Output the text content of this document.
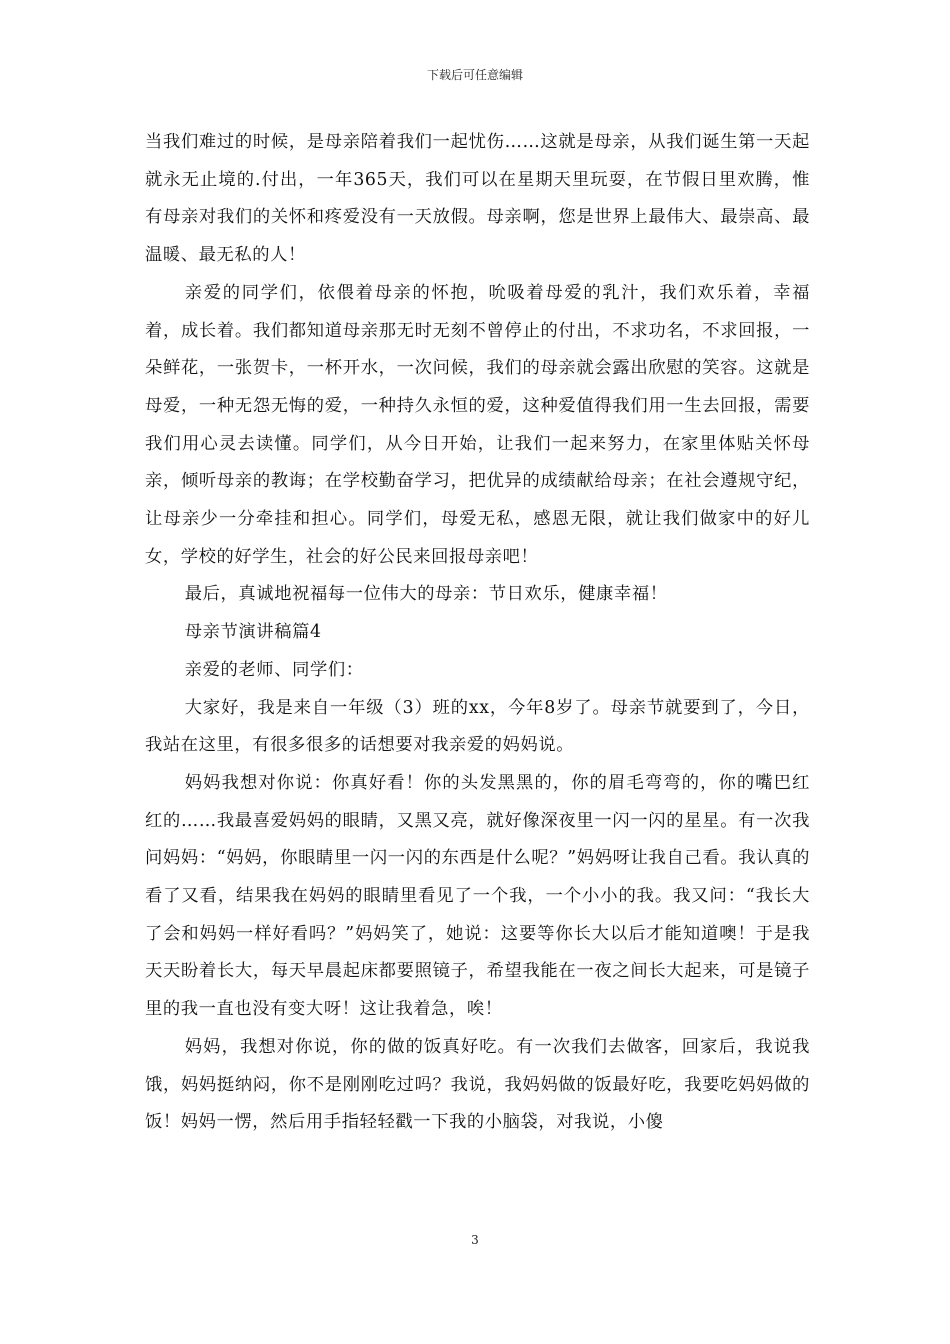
下载后可任意编辑

当我们难过的时候，是母亲陪着我们一起忧伤……这就是母亲，从我们诞生第一天起就永无止境的.付出，一年365天，我们可以在星期天里玩耍，在节假日里欢腾，惟有母亲对我们的关怀和疼爱没有一天放假。母亲啊，您是世界上最伟大、最崇高、最温暖、最无私的人！

亲爱的同学们，依偎着母亲的怀抱，吮吸着母爱的乳汁，我们欢乐着，幸福着，成长着。我们都知道母亲那无时无刻不曾停止的付出，不求功名，不求回报，一朵鲜花，一张贺卡，一杯开水，一次问候，我们的母亲就会露出欣慰的笑容。这就是母爱，一种无怨无悔的爱，一种持久永恒的爱，这种爱值得我们用一生去回报，需要我们用心灵去读懂。同学们，从今日开始，让我们一起来努力，在家里体贴关怀母亲，倾听母亲的教诲；在学校勤奋学习，把优异的成绩献给母亲；在社会遵规守纪，让母亲少一分牵挂和担心。同学们，母爱无私，感恩无限，就让我们做家中的好儿女，学校的好学生，社会的好公民来回报母亲吧！

最后，真诚地祝福每一位伟大的母亲：节日欢乐，健康幸福！

母亲节演讲稿篇4

亲爱的老师、同学们：

大家好，我是来自一年级（3）班的xx，今年8岁了。母亲节就要到了，今日，我站在这里，有很多很多的话想要对我亲爱的妈妈说。

妈妈我想对你说：你真好看！你的头发黑黑的，你的眉毛弯弯的，你的嘴巴红红的……我最喜爱妈妈的眼睛，又黑又亮，就好像深夜里一闪一闪的星星。有一次我问妈妈：“妈妈，你眼睛里一闪一闪的东西是什么呢？”妈妈呀让我自己看。我认真的看了又看，结果我在妈妈的眼睛里看见了一个我，一个小小的我。我又问：“我长大了会和妈妈一样好看吗？”妈妈笑了，她说：这要等你长大以后才能知道噢！于是我天天盼着长大，每天早晨起床都要照镜子，希望我能在一夜之间长大起来，可是镜子里的我一直也没有变大呀！这让我着急，唉！

妈妈，我想对你说，你的做的饭真好吃。有一次我们去做客，回家后，我说我饿，妈妈挺纳闷，你不是刚刚吃过吗？我说，我妈妈做的饭最好吃，我要吃妈妈做的饭！妈妈一愣，然后用手指轻轻戳一下我的小脑袋，对我说，小傻

3
